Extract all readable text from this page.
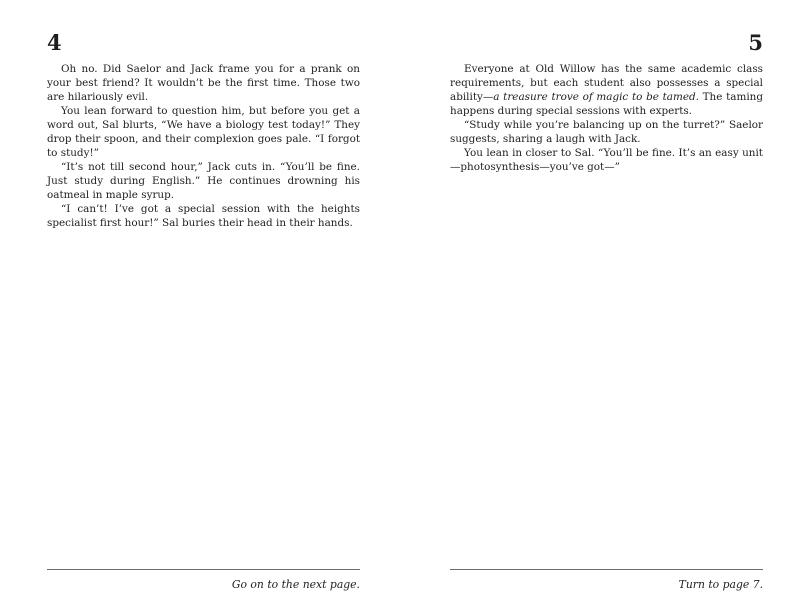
4

Oh no. Did Saelor and Jack frame you for a prank on your best friend? It wouldn’t be the first time. Those two are hilariously evil.

You lean forward to question him, but before you get a word out, Sal blurts, “We have a biology test today!” They drop their spoon, and their complexion goes pale. “I forgot to study!”

“It’s not till second hour,” Jack cuts in. “You’ll be fine. Just study during English.” He continues drowning his oatmeal in maple syrup.

“I can’t! I’ve got a special session with the heights specialist first hour!” Sal buries their head in their hands.

Go on to the next page.
5

Everyone at Old Willow has the same academic class requirements, but each student also possesses a special ability—a treasure trove of magic to be tamed. The taming happens during special sessions with experts.

“Study while you’re balancing up on the turret?” Saelor suggests, sharing a laugh with Jack.

You lean in closer to Sal. “You’ll be fine. It’s an easy unit—photosynthesis—you’ve got—”

Turn to page 7.
